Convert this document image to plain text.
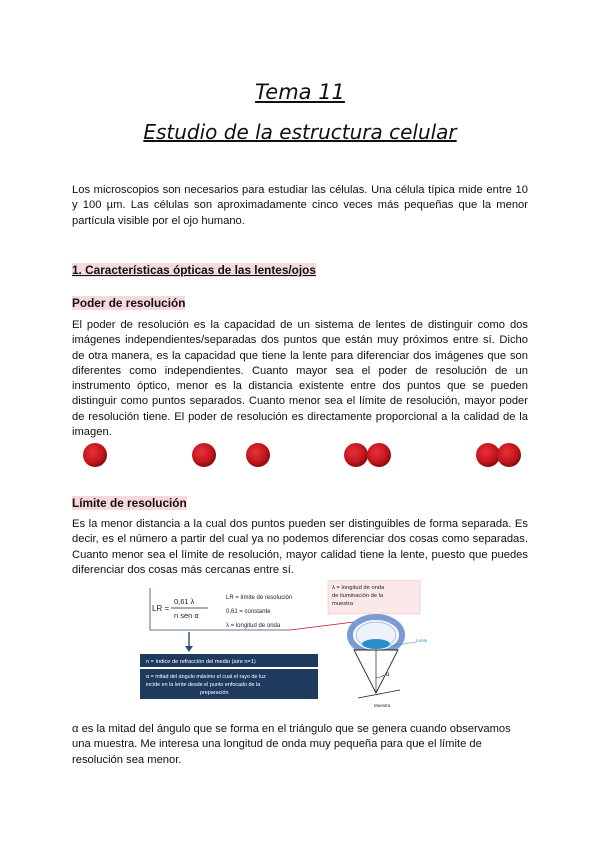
Tema 11
Estudio de la estructura celular

Los microscopios son necesarios para estudiar las células. Una célula típica mide entre 10 y 100 µm. Las células son aproximadamente cinco veces más pequeñas que la menor partícula visible por el ojo humano.

1. Características ópticas de las lentes/ojos
Poder de resolución

El poder de resolución es la capacidad de un sistema de lentes de distinguir como dos imágenes independientes/separadas dos puntos que están muy próximos entre sí. Dicho de otra manera, es la capacidad que tiene la lente para diferenciar dos imágenes que son diferentes como independientes. Cuanto mayor sea el poder de resolución de un instrumento óptico, menor es la distancia existente entre dos puntos que se pueden distinguir como puntos separados. Cuanto menor sea el límite de resolución, mayor poder de resolución tiene. El poder de resolución es directamente proporcional a la calidad de la imagen.

Límite de resolución

Es la menor distancia a la cual dos puntos pueden ser distinguibles de forma separada. Es decir, es el número a partir del cual ya no podemos diferenciar dos cosas como separadas. Cuanto menor sea el límite de resolución, mayor calidad tiene la lente, puesto que puedes diferenciar dos cosas más cercanas entre sí.

LR =
0,61 λ
n sen α
LR = límite de resolución
0,61 = constante
λ = longitud de onda
λ = longitud de onda
de iluminación de la
muestra
n = índice de refracción del medio (aire n=1)
α = mitad del ángulo máximo el cual el rayo de luz
incide en la lente desde el punto enfocado de la
preparación
α
Lente
Muestra

α es la mitad del ángulo que se forma en el triángulo que se genera cuando observamos una muestra. Me interesa una longitud de onda muy pequeña para que el límite de resolución sea menor.
